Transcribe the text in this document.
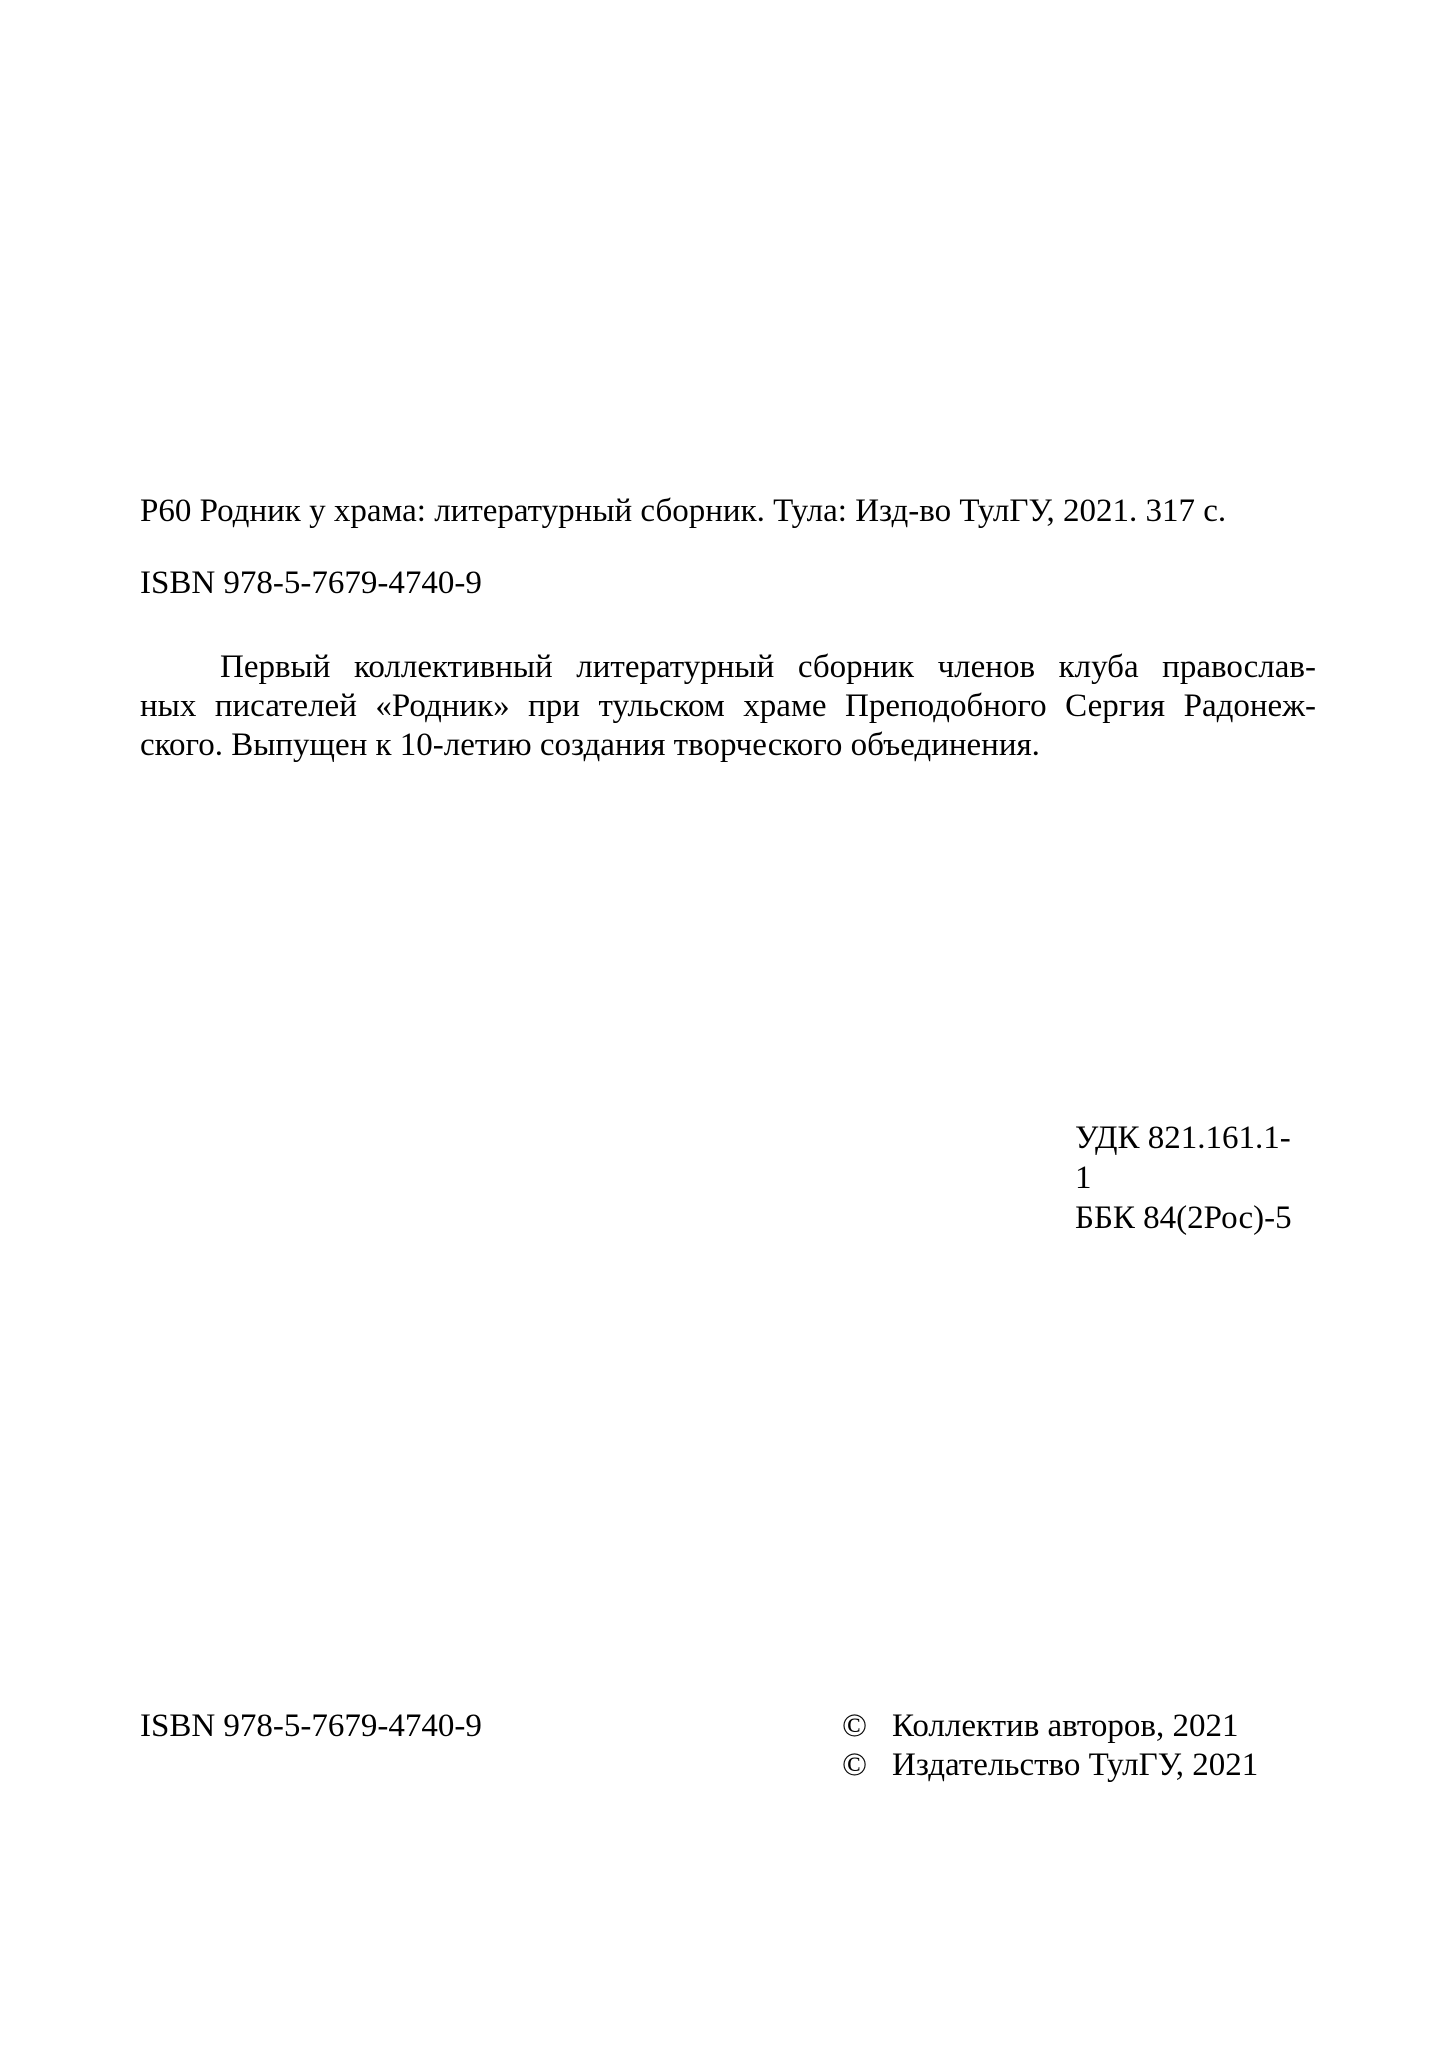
Р60 Родник у храма: литературный сборник. Тула: Изд-во ТулГУ, 2021. 317 с.
ISBN 978-5-7679-4740-9
Первый коллективный литературный сборник членов клуба православ-
ных писателей «Родник» при тульском храме Преподобного Сергия Радонеж-
ского. Выпущен к 10-летию создания творческого объединения.
УДК 821.161.1-
1
ББК 84(2Рос)-5
ISBN 978-5-7679-4740-9	© Коллектив авторов, 2021
© Издательство ТулГУ, 2021
